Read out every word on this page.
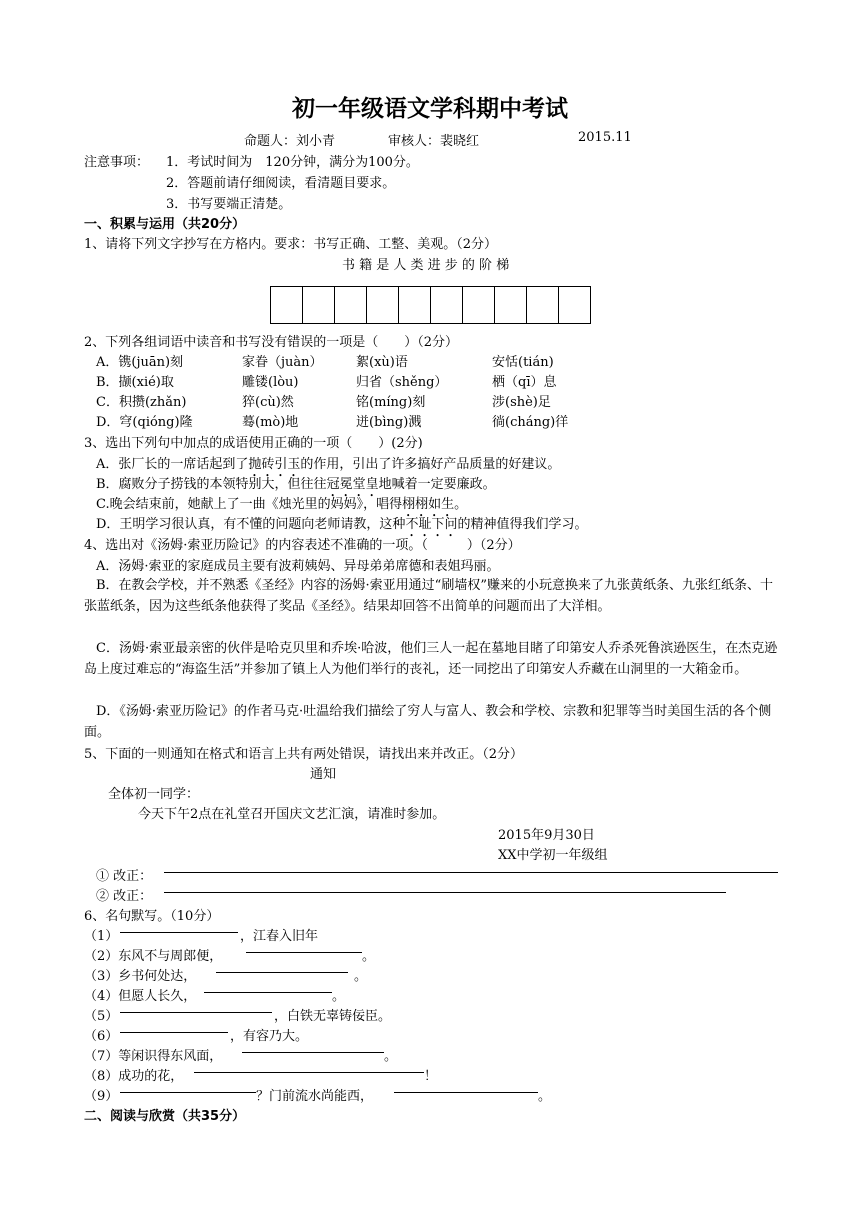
初一年级语文学科期中考试
命题人：刘小青	审核人：裴晓红	2015.11
注意事项： 1．考试时间为　120分钟，满分为100分。
2．答题前请仔细阅读，看清题目要求。
3．书写要端正清楚。
一、积累与运用（共20分）
1、请将下列文字抄写在方格内。要求：书写正确、工整、美观。（2分）
书 籍 是 人 类 进 步 的 阶 梯
2、下列各组词语中读音和书写没有错误的一项是（　　）（2分）
A．镌(juān)刻	家眷（juàn）	絮(xù)语	安恬(tián)
B．撷(xié)取	雕镂(lòu)	归省（shěng）	栖（qī）息
C．积攒(zhǎn)	猝(cù)然	铭(míng)刻	涉(shè)足
D．穹(qióng)隆	蓦(mò)地	迸(bìng)溅	徜(cháng)徉
3、选出下列句中加点的成语使用正确的一项（　　）(2分)
A．张厂长的一席话起到了抛砖引玉的作用，引出了许多搞好产品质量的好建议。
B．腐败分子捞钱的本领特别大，但往往冠冕堂皇地喊着一定要廉政。
C.晚会结束前，她献上了一曲《烛光里的妈妈》，唱得栩栩如生。
D．王明学习很认真，有不懂的问题向老师请教，这种不耻下问的精神值得我们学习。
4、选出对《汤姆·索亚历险记》的内容表述不准确的一项。（　　　）（2分）
A．汤姆·索亚的家庭成员主要有波莉姨妈、异母弟弟席德和表姐玛丽。
B．在教会学校，并不熟悉《圣经》内容的汤姆·索亚用通过“刷墙权”赚来的小玩意换来了九张黄纸条、九张红纸条、十张蓝纸条，因为这些纸条他获得了奖品《圣经》。结果却回答不出简单的问题而出了大洋相。
C．汤姆·索亚最亲密的伙伴是哈克贝里和乔埃·哈波，他们三人一起在墓地目睹了印第安人乔杀死鲁滨逊医生，在杰克逊岛上度过难忘的“海盗生活”并参加了镇上人为他们举行的丧礼，还一同挖出了印第安人乔藏在山洞里的一大箱金币。
D．《汤姆·索亚历险记》的作者马克·吐温给我们描绘了穷人与富人、教会和学校、宗教和犯罪等当时美国生活的各个侧面。
5、下面的一则通知在格式和语言上共有两处错误，请找出来并改正。（2分）
通知
全体初一同学：
今天下午2点在礼堂召开国庆文艺汇演，请准时参加。
2015年9月30日
XX中学初一年级组
① 改正：
② 改正：
6、名句默写。（10分）
（1）	，江春入旧年
（2）东风不与周郎便，	。
（3）乡书何处达，	。
（4）但愿人长久，	。
（5）	，白铁无辜铸佞臣。
（6）	，有容乃大。
（7）等闲识得东风面，	。
（8）成功的花，	！
（9）	？门前流水尚能西，	。
二、阅读与欣赏（共35分）
